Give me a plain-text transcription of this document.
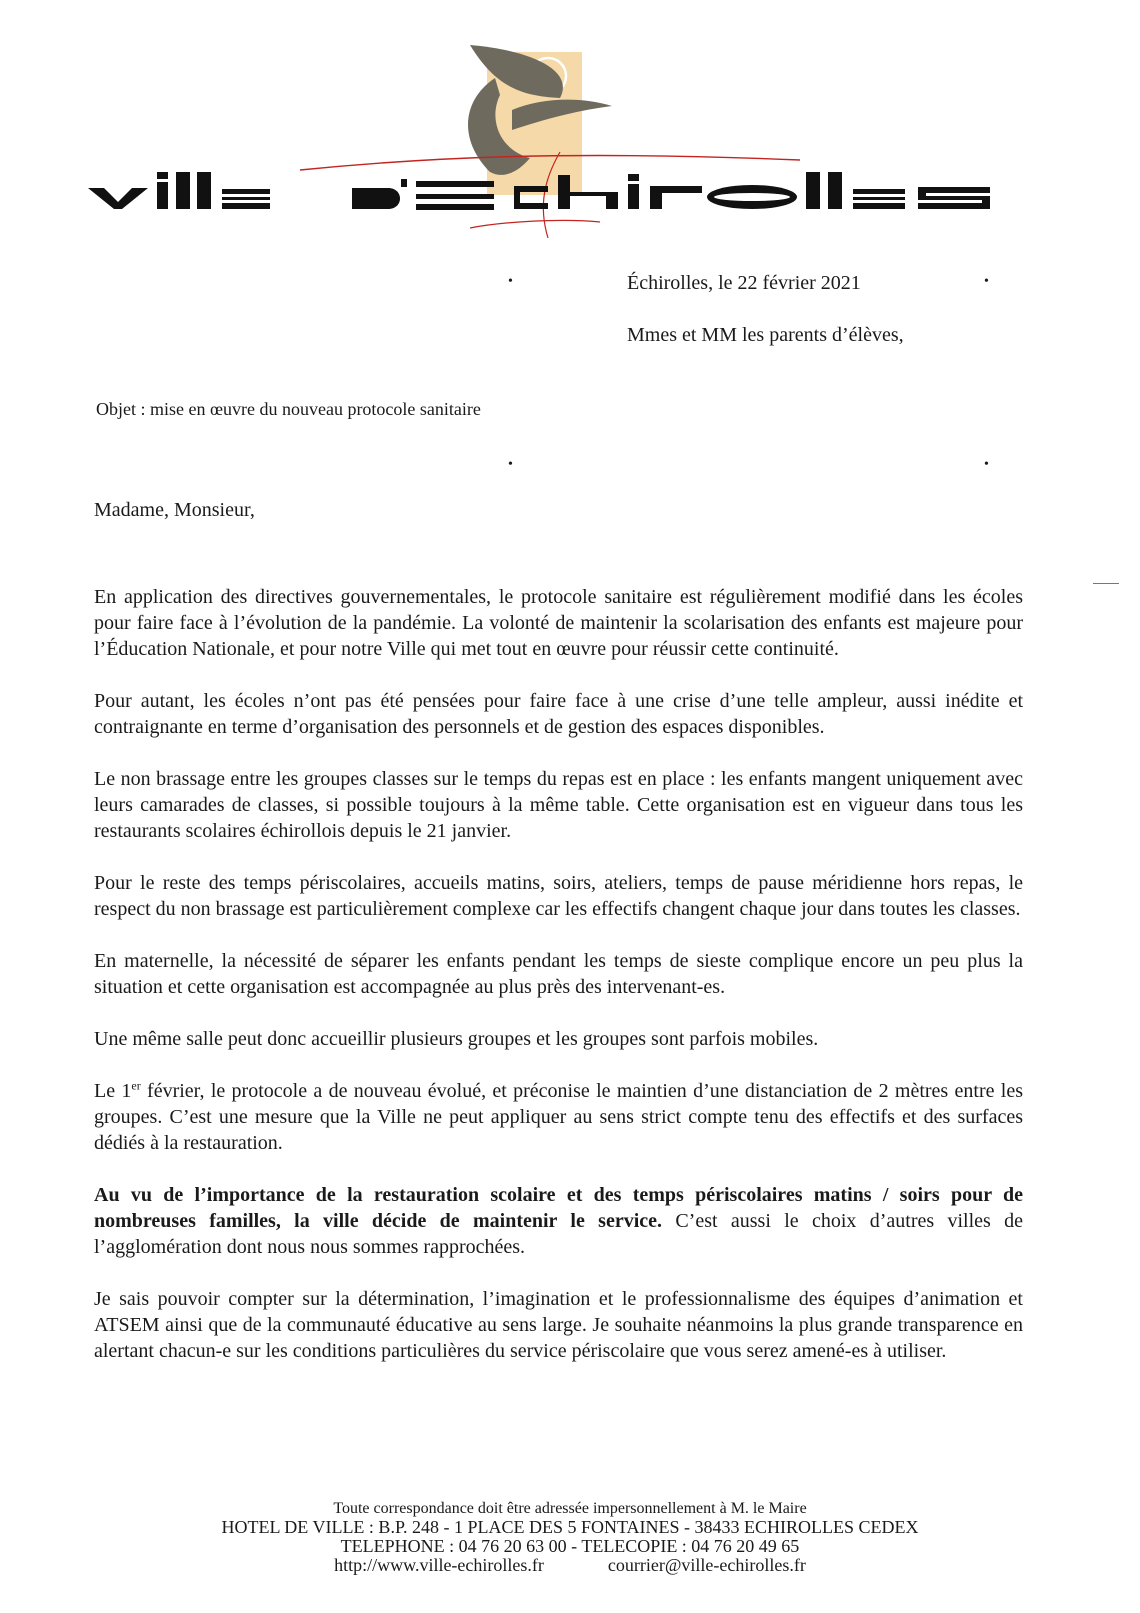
•	•
•	•
Échirolles, le 22 février 2021
Mmes et MM les parents d’élèves,
Objet : mise en œuvre du nouveau protocole sanitaire
Madame, Monsieur,

En application des directives gouvernementales, le protocole sanitaire est régulièrement modifié dans les écoles pour faire face à l’évolution de la pandémie. La volonté de maintenir la scolarisation des enfants est majeure pour l’Éducation Nationale, et pour notre Ville qui met tout en œuvre pour réussir cette continuité.

Pour autant, les écoles n’ont pas été pensées pour faire face à une crise d’une telle ampleur, aussi inédite et contraignante en terme d’organisation des personnels et de gestion des espaces disponibles.

Le non brassage entre les groupes classes sur le temps du repas est en place : les enfants mangent uniquement avec leurs camarades de classes, si possible toujours à la même table. Cette organisation est en vigueur dans tous les restaurants scolaires échirollois depuis le 21 janvier.

Pour le reste des temps périscolaires, accueils matins, soirs, ateliers, temps de pause méridienne hors repas, le respect du non brassage est particulièrement complexe car les effectifs changent chaque jour dans toutes les classes.

En maternelle, la nécessité de séparer les enfants pendant les temps de sieste complique encore un peu plus la situation et cette organisation est accompagnée au plus près des intervenant-es.

Une même salle peut donc accueillir plusieurs groupes et les groupes sont parfois mobiles.

Le 1er février, le protocole a de nouveau évolué, et préconise le maintien d’une distanciation de 2 mètres entre les groupes. C’est une mesure que la Ville ne peut appliquer au sens strict compte tenu des effectifs et des surfaces dédiés à la restauration.

Au vu de l’importance de la restauration scolaire et des temps périscolaires matins / soirs pour de nombreuses familles, la ville décide de maintenir le service. C’est aussi le choix d’autres villes de l’agglomération dont nous nous sommes rapprochées.

Je sais pouvoir compter sur la détermination, l’imagination et le professionnalisme des équipes d’animation et ATSEM ainsi que de la communauté éducative au sens large. Je souhaite néanmoins la plus grande transparence en alertant chacun-e sur les conditions particulières du service périscolaire que vous serez amené-es à utiliser.

Toute correspondance doit être adressée impersonnellement à M. le Maire
HOTEL DE VILLE : B.P. 248 - 1 PLACE DES 5 FONTAINES - 38433 ECHIROLLES CEDEX
TELEPHONE : 04 76 20 63 00 - TELECOPIE : 04 76 20 49 65
http://www.ville-echirolles.fr	courrier@ville-echirolles.fr
